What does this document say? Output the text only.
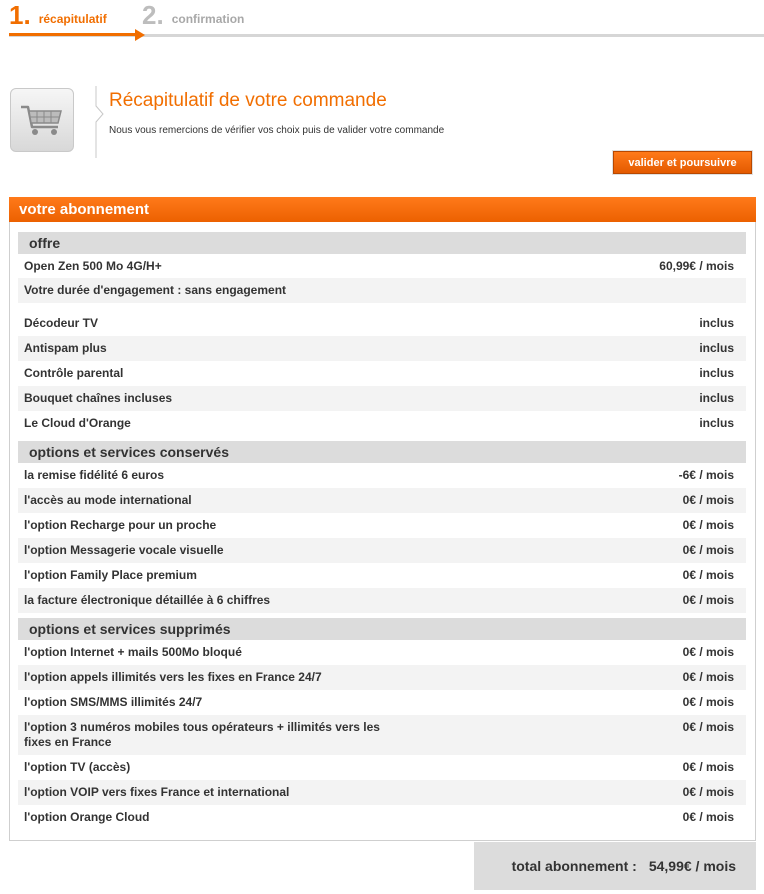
1. récapitulatif 2. confirmation
Récapitulatif de votre commande
Nous vous remercions de vérifier vos choix puis de valider votre commande
valider et poursuivre
votre abonnement
offre
Open Zen 500 Mo 4G/H+	60,99€ / mois
Votre durée d'engagement : sans engagement
Décodeur TV	inclus
Antispam plus	inclus
Contrôle parental	inclus
Bouquet chaînes incluses	inclus
Le Cloud d'Orange	inclus
options et services conservés
la remise fidélité 6 euros	-6€ / mois
l'accès au mode international	0€ / mois
l'option Recharge pour un proche	0€ / mois
l'option Messagerie vocale visuelle	0€ / mois
l'option Family Place premium	0€ / mois
la facture électronique détaillée à 6 chiffres	0€ / mois
options et services supprimés
l'option Internet + mails 500Mo bloqué	0€ / mois
l'option appels illimités vers les fixes en France 24/7	0€ / mois
l'option SMS/MMS illimités 24/7	0€ / mois
l'option 3 numéros mobiles tous opérateurs + illimités vers les fixes en France
0€ / mois
l'option TV (accès)	0€ / mois
l'option VOIP vers fixes France et international	0€ / mois
l'option Orange Cloud	0€ / mois
total abonnement : 54,99€ / mois
